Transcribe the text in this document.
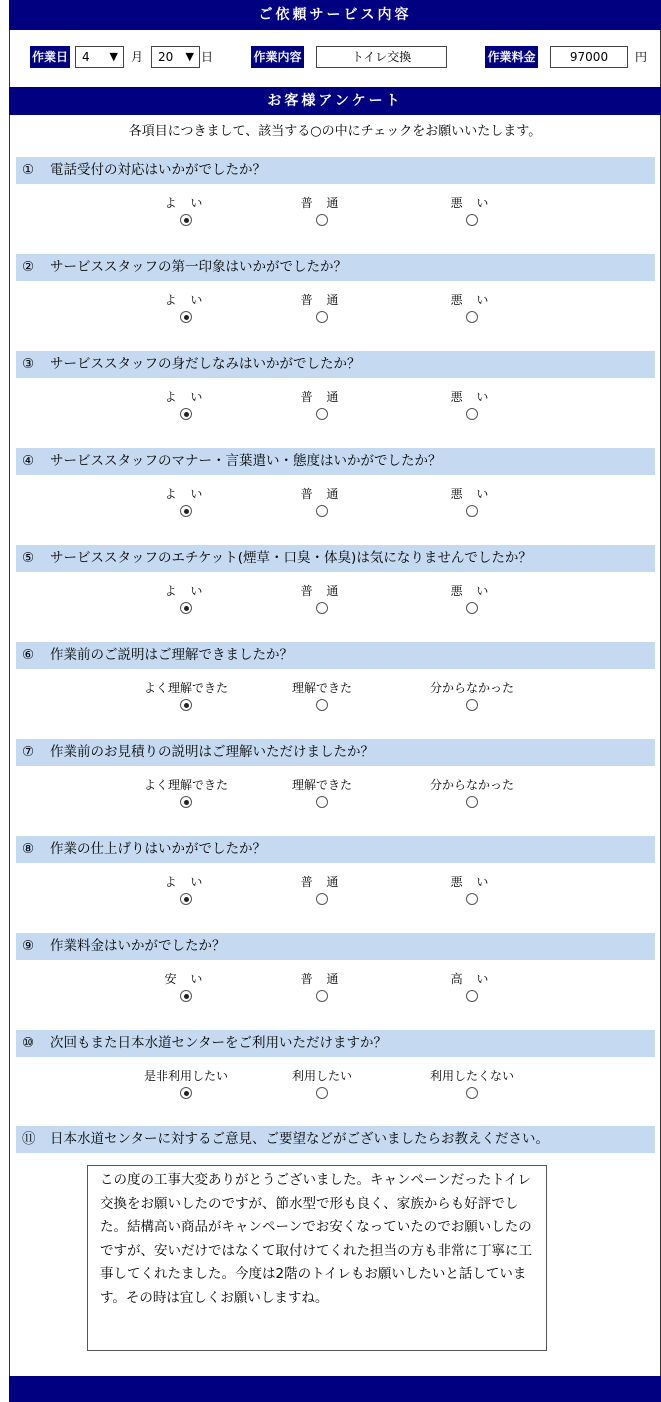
ご依頼サービス内容
作業日	4 ▼ 月	20 ▼ 日	作業内容	トイレ交換	作業料金	97000	円
お客様アンケート
各項目につきまして、該当する○の中にチェックをお願いいたします。
① 電話受付の対応はいかがでしたか？
よ い	普 通	悪 い
② サービススタッフの第一印象はいかがでしたか？
よ い	普 通	悪 い
③ サービススタッフの身だしなみはいかがでしたか？
よ い	普 通	悪 い
④ サービススタッフのマナー・言葉遣い・態度はいかがでしたか？
よ い	普 通	悪 い
⑤ サービススタッフのエチケット(煙草・口臭・体臭)は気になりませんでしたか？
よ い	普 通	悪 い
⑥ 作業前のご説明はご理解できましたか？
よく理解できた	理解できた	分からなかった
⑦ 作業前のお見積りの説明はご理解いただけましたか？
よく理解できた	理解できた	分からなかった
⑧ 作業の仕上げりはいかがでしたか？
よ い	普 通	悪 い
⑨ 作業料金はいかがでしたか？
安 い	普 通	高 い
⑩ 次回もまた日本水道センターをご利用いただけますか？
是非利用したい	利用したい	利用したくない
⑪ 日本水道センターに対するご意見、ご要望などがございましたらお教えください。
この度の工事大変ありがとうございました。キャンペーンだったトイレ交換をお願いしたのですが、節水型で形も良く、家族からも好評でした。結構高い商品がキャンペーンでお安くなっていたのでお願いしたのですが、安いだけではなくて取付けてくれた担当の方も非常に丁寧に工事してくれたました。今度は2階のトイレもお願いしたいと話しています。その時は宜しくお願いしますね。
